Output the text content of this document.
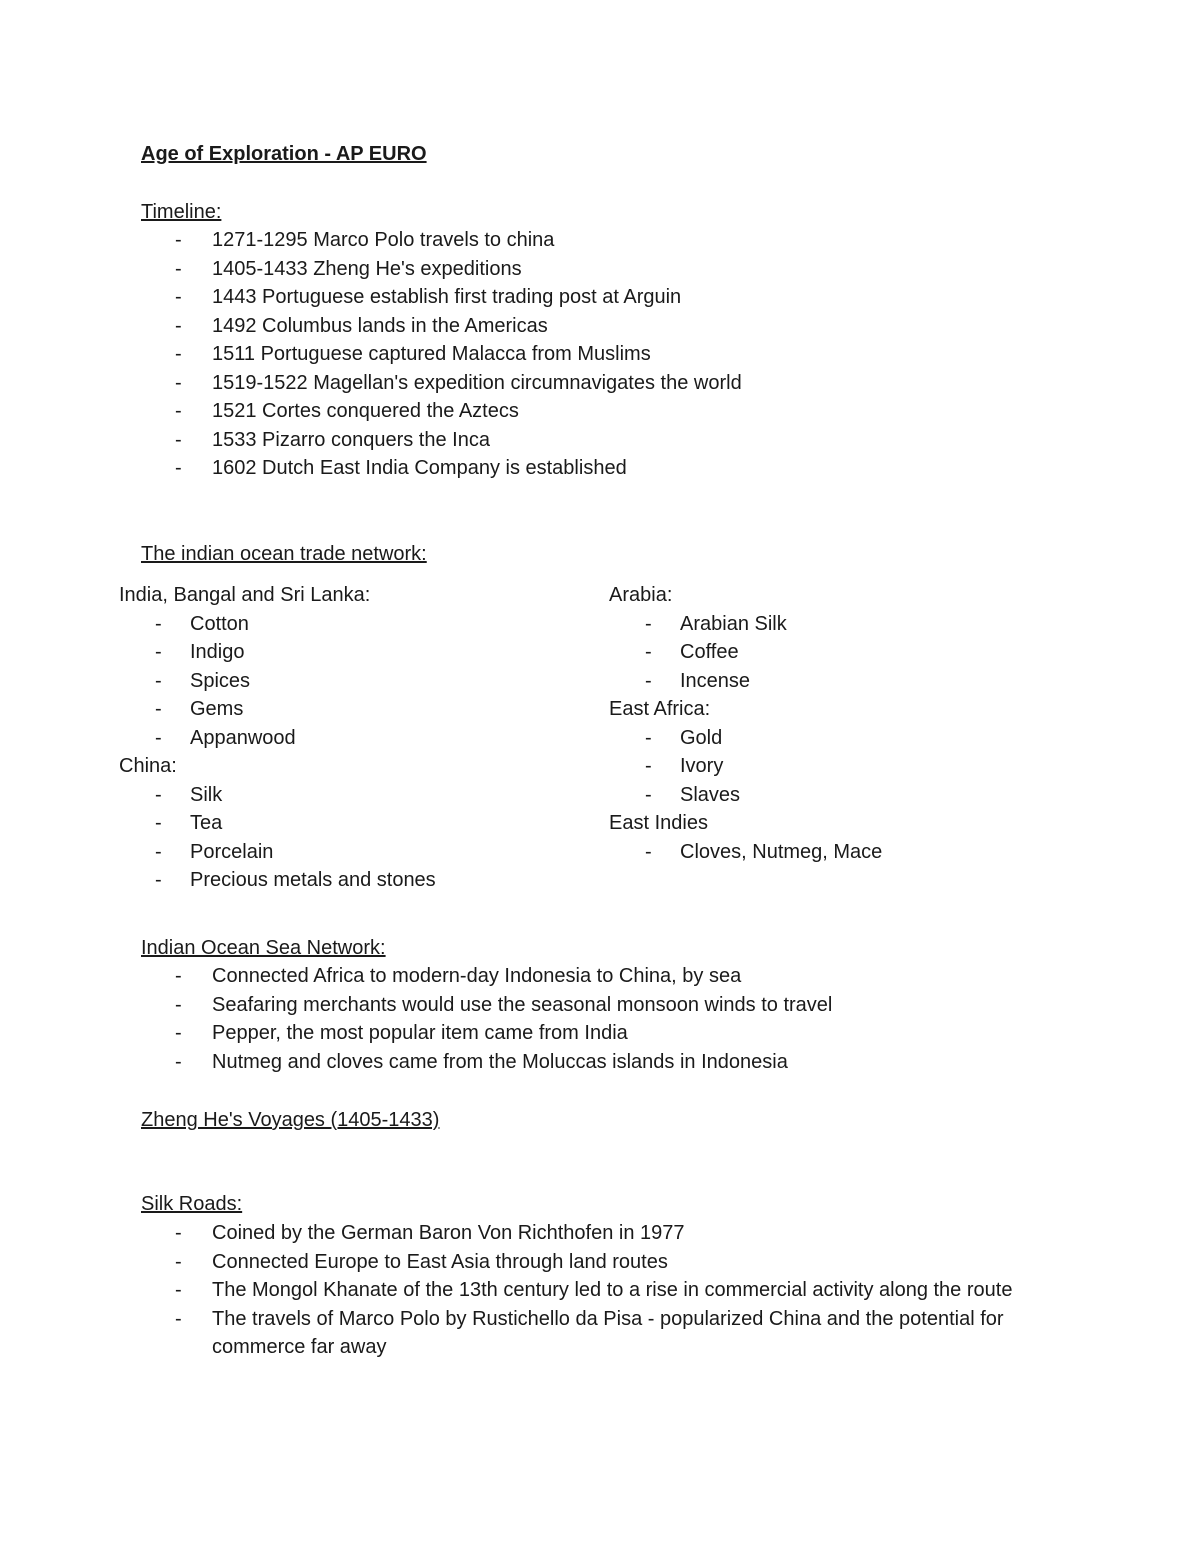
Age of Exploration - AP EURO
Timeline:
- 1271-1295 Marco Polo travels to china
- 1405-1433 Zheng He's expeditions
- 1443 Portuguese establish first trading post at Arguin
- 1492 Columbus lands in the Americas
- 1511 Portuguese captured Malacca from Muslims
- 1519-1522 Magellan's expedition circumnavigates the world
- 1521 Cortes conquered the Aztecs
- 1533 Pizarro conquers the Inca
- 1602 Dutch East India Company is established
The indian ocean trade network:
India, Bangal and Sri Lanka:
- Cotton
- Indigo
- Spices
- Gems
- Appanwood
China:
- Silk
- Tea
- Porcelain
- Precious metals and stones
Arabia:
- Arabian Silk
- Coffee
- Incense
East Africa:
- Gold
- Ivory
- Slaves
East Indies
- Cloves, Nutmeg, Mace
Indian Ocean Sea Network:
- Connected Africa to modern-day Indonesia to China, by sea
- Seafaring merchants would use the seasonal monsoon winds to travel
- Pepper, the most popular item came from India
- Nutmeg and cloves came from the Moluccas islands in Indonesia
Zheng He's Voyages (1405-1433)
Silk Roads:
- Coined by the German Baron Von Richthofen in 1977
- Connected Europe to East Asia through land routes
- The Mongol Khanate of the 13th century led to a rise in commercial activity along the route
- The travels of Marco Polo by Rustichello da Pisa - popularized China and the potential for commerce far away
